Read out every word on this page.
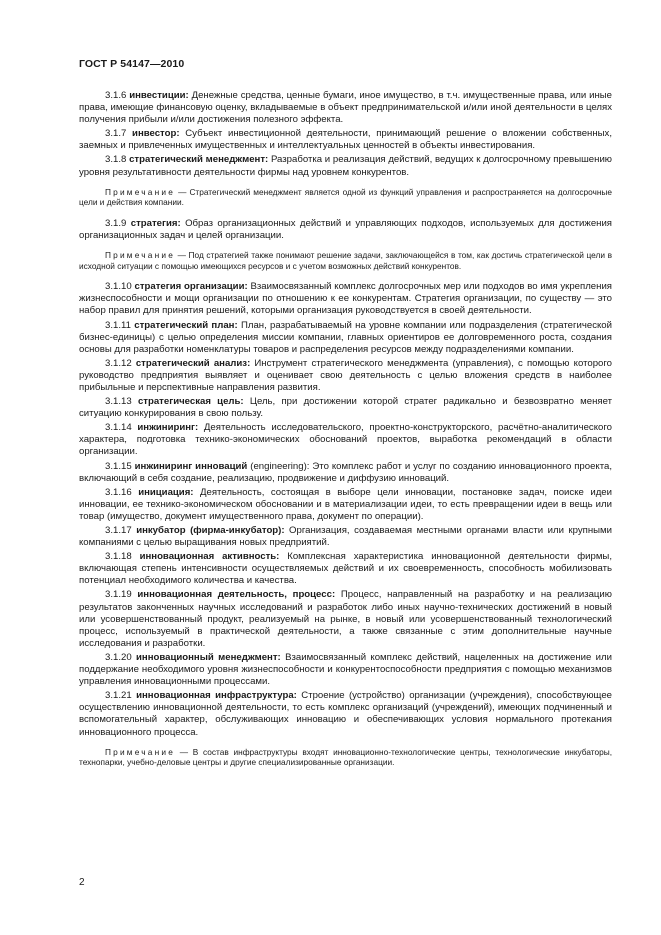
ГОСТ Р 54147—2010

3.1.6 инвестиции: Денежные средства, ценные бумаги, иное имущество, в т.ч. имущественные права, или иные права, имеющие финансовую оценку, вкладываемые в объект предпринимательской и/или иной деятельности в целях получения прибыли и/или достижения полезного эффекта.

3.1.7 инвестор: Субъект инвестиционной деятельности, принимающий решение о вложении собственных, заемных и привлеченных имущественных и интеллектуальных ценностей в объекты инвестирования.

3.1.8 стратегический менеджмент: Разработка и реализация действий, ведущих к долгосрочному превышению уровня результативности деятельности фирмы над уровнем конкурентов.

Примечание — Стратегический менеджмент является одной из функций управления и распространяется на долгосрочные цели и действия компании.

3.1.9 стратегия: Образ организационных действий и управляющих подходов, используемых для достижения организационных задач и целей организации.

Примечание — Под стратегией также понимают решение задачи, заключающейся в том, как достичь стратегической цели в исходной ситуации с помощью имеющихся ресурсов и с учетом возможных действий конкурентов.

3.1.10 стратегия организации: Взаимосвязанный комплекс долгосрочных мер или подходов во имя укрепления жизнеспособности и мощи организации по отношению к ее конкурентам. Стратегия организации, по существу — это набор правил для принятия решений, которыми организация руководствуется в своей деятельности.

3.1.11 стратегический план: План, разрабатываемый на уровне компании или подразделения (стратегической бизнес-единицы) с целью определения миссии компании, главных ориентиров ее долговременного роста, создания основы для разработки номенклатуры товаров и распределения ресурсов между подразделениями компании.

3.1.12 стратегический анализ: Инструмент стратегического менеджмента (управления), с помощью которого руководство предприятия выявляет и оценивает свою деятельность с целью вложения средств в наиболее прибыльные и перспективные направления развития.

3.1.13 стратегическая цель: Цель, при достижении которой стратег радикально и безвозвратно меняет ситуацию конкурирования в свою пользу.

3.1.14 инжиниринг: Деятельность исследовательского, проектно-конструкторского, расчётно-аналитического характера, подготовка технико-экономических обоснований проектов, выработка рекомендаций в области организации.

3.1.15 инжиниринг инноваций (engineering): Это комплекс работ и услуг по созданию инновационного проекта, включающий в себя создание, реализацию, продвижение и диффузию инноваций.

3.1.16 инициация: Деятельность, состоящая в выборе цели инновации, постановке задач, поиске идеи инновации, ее технико-экономическом обосновании и в материализации идеи, то есть превращении идеи в вещь или товар (имущество, документ имущественного права, документ по операции).

3.1.17 инкубатор (фирма-инкубатор): Организация, создаваемая местными органами власти или крупными компаниями с целью выращивания новых предприятий.

3.1.18 инновационная активность: Комплексная характеристика инновационной деятельности фирмы, включающая степень интенсивности осуществляемых действий и их своевременность, способность мобилизовать потенциал необходимого количества и качества.

3.1.19 инновационная деятельность, процесс: Процесс, направленный на разработку и на реализацию результатов законченных научных исследований и разработок либо иных научно-технических достижений в новый или усовершенствованный продукт, реализуемый на рынке, в новый или усовершенствованный технологический процесс, используемый в практической деятельности, а также связанные с этим дополнительные научные исследования и разработки.

3.1.20 инновационный менеджмент: Взаимосвязанный комплекс действий, нацеленных на достижение или поддержание необходимого уровня жизнеспособности и конкурентоспособности предприятия с помощью механизмов управления инновационными процессами.

3.1.21 инновационная инфраструктура: Строение (устройство) организации (учреждения), способствующее осуществлению инновационной деятельности, то есть комплекс организаций (учреждений), имеющих подчиненный и вспомогательный характер, обслуживающих инновацию и обеспечивающих условия нормального протекания инновационного процесса.

Примечание — В состав инфраструктуры входят инновационно-технологические центры, технологические инкубаторы, технопарки, учебно-деловые центры и другие специализированные организации.

2
